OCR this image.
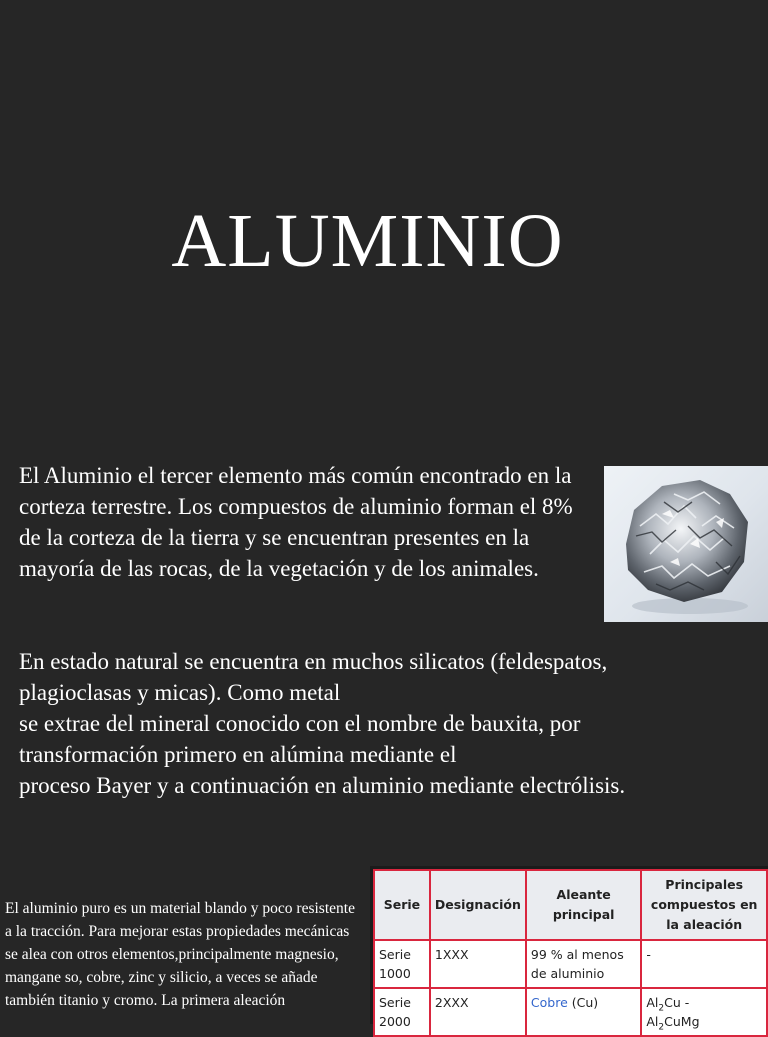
ALUMINIO

El Aluminio el tercer elemento más común encontrado en la corteza terrestre. Los compuestos de aluminio forman el 8% de la corteza de la tierra y se encuentran presentes en la mayoría de las rocas, de la vegetación y de los animales.

En estado natural se encuentra en muchos silicatos (feldespatos,

plagioclasas y micas). Como metal

se extrae del mineral conocido con el nombre de bauxita, por

transformación primero en alúmina mediante el

proceso Bayer y a continuación en aluminio mediante electrólisis.

El aluminio puro es un material blando y poco resistente a la tracción. Para mejorar estas propiedades mecánicas se alea con otros elementos,principalmente magnesio, mangane so, cobre, zinc y silicio, a veces se añade también titanio y cromo. La primera aleación
Serie	Designación	Aleante principal	Principales compuestos en la aleación
Serie
1000	1XXX	99 % al menos de aluminio	-
Serie
2000	2XXX	Cobre (Cu)	$Al_2Cu$ -
$Al_2CuMg$
